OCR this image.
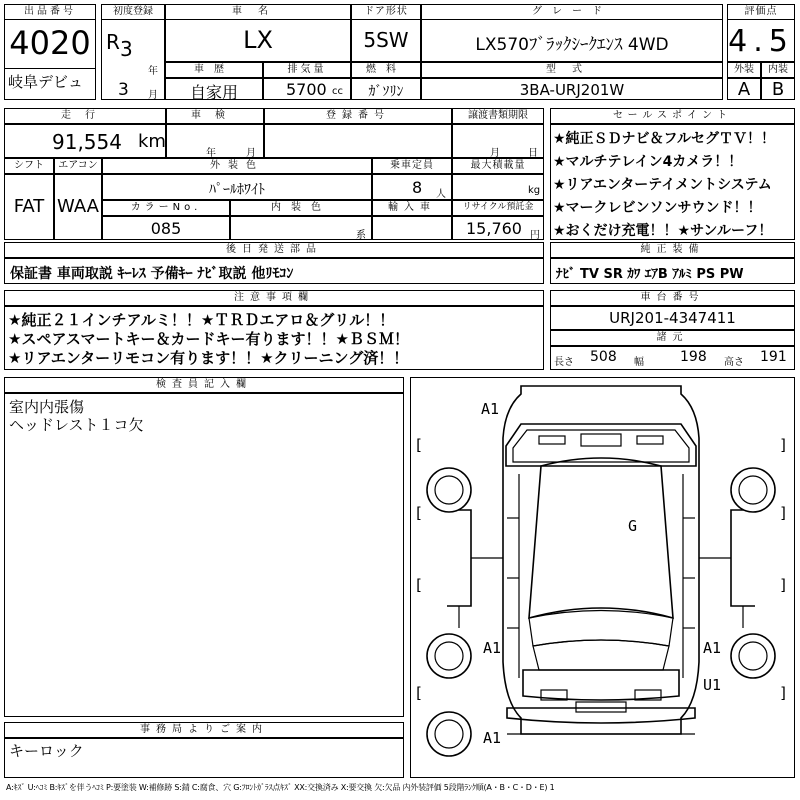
出品番号
4020
岐阜デビュ
初度登録
R 3
年
3 月
車名
LX
ドア形状
5SW
グレード
LX570ﾌﾞﾗｯｸｼｰｸｴﾝｽ 4WD
評価点
4.5
車歴
自家用
排気量
5700 cc
燃料
ｶﾞｿﾘﾝ
型式
3BA-URJ201W
外装	内装
A	B
走行
91,554 km
車検
年	月
登録番号	譲渡書類期限
月	日
シフト
FAT
エアコン
WAA
外装色
ﾊﾟｰﾙﾎﾜｲﾄ
乗車定員
8 人
最大積載量
kg
カラーNo.
085
内装色
系
輸入車	リサイクル預託金
15,760 円
セールスポイント
★純正ＳＤナビ＆フルセグＴＶ！！
★マルチテレイン4カメラ！！
★リアエンターテイメントシステム
★マークレビンソンサウンド！！
★おくだけ充電！！★サンルーフ！
後日発送部品
保証書 車両取説 ｷｰﾚｽ 予備ｷｰ ﾅﾋﾞ取説 他ﾘﾓｺﾝ
純正装備
ﾅﾋﾞ TV SR ｶﾜ ｴｱB ｱﾙﾐ PS PW
注意事項欄
★純正２１インチアルミ！！★ＴＲＤエアロ＆グリル！！
★スペアスマートキー＆カードキー有ります！！★ＢＳＭ！
★リアエンターリモコン有ります！！★クリーニング済！！
車台番号
URJ201-4347411
諸元
長さ 508 幅	198 高さ 191
検査員記入欄
室内内張傷
ヘッドレスト１コ欠
事務局よりご案内
キーロック
[	]
[	]
[	]
[	]
A1
G
A1	A1
U1
A1
A:ｷｽﾞ U:ﾍｺﾐ B:ｷｽﾞを伴うﾍｺﾐ P:要塗装 W:補修跡 S:錆 C:腐食、穴 G:ﾌﾛﾝﾄｶﾞﾗｽ点ｷｽﾞ XX:交換済み X:要交換 欠:欠品 内外装評価 5段階ﾗﾝｸ順(A・B・C・D・E) 1
